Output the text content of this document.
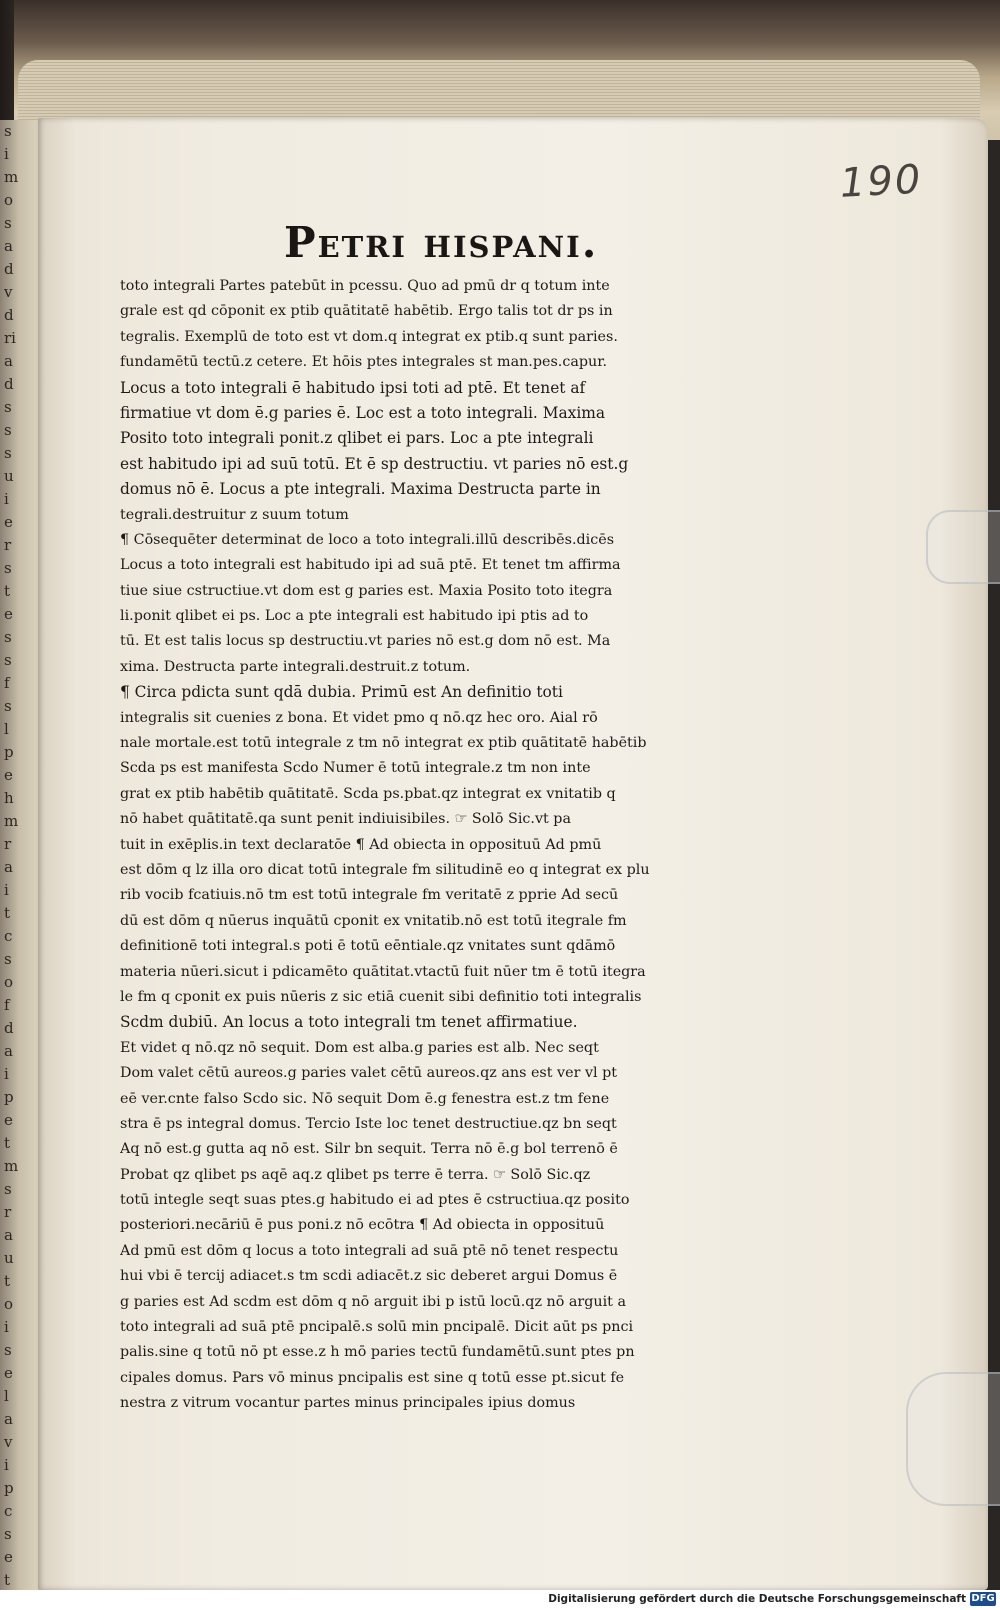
s
i
m
o
s
a
d
v
d
ri
a
d
s
s
s
u
i
e
r
s
t
e
s
s
f
s
l
p
e
h
m
r
a
i
t
c
s
o
f
d
a
i
p
e
t
m
s
r
a
u
t
o
i
s
e
l
a
v
i
p
c
s
e
t
190

Petri hispani.
toto integrali Partes patebūt in pcessu. Quo ad pmū dr q totum inte
grale est qd cōponit ex ptib quātitatē habētib. Ergo talis tot dr ps in
tegralis. Exemplū de toto est vt dom.q integrat ex ptib.q sunt paries.
fundamētū tectū.z cetere. Et hōis ptes integrales st man.pes.capur.
Locus a toto integrali ē habitudo ipsi toti ad ptē. Et tenet af
firmatiue vt dom ē.g paries ē. Loc est a toto integrali. Maxima
Posito toto integrali ponit.z qlibet ei pars. Loc a pte integrali
est habitudo ipi ad suū totū. Et ē sp destructiu. vt paries nō est.g
domus nō ē. Locus a pte integrali. Maxima Destructa parte in
tegrali.destruitur z suum totum
¶ Cōsequēter determinat de loco a toto integrali.illū describēs.dicēs
Locus a toto integrali est habitudo ipi ad suā ptē. Et tenet tm affirma
tiue siue cstructiue.vt dom est g paries est. Maxia Posito toto itegra
li.ponit qlibet ei ps. Loc a pte integrali est habitudo ipi ptis ad to
tū. Et est talis locus sp destructiu.vt paries nō est.g dom nō est. Ma
xima. Destructa parte integrali.destruit.z totum.
¶ Circa pdicta sunt qdā dubia. Primū est An definitio toti
integralis sit cuenies z bona. Et videt pmo q nō.qz hec oro. Aial rō
nale mortale.est totū integrale z tm nō integrat ex ptib quātitatē habētib
Scda ps est manifesta Scdo Numer ē totū integrale.z tm non inte
grat ex ptib habētib quātitatē. Scda ps.pbat.qz integrat ex vnitatib q
nō habet quātitatē.qa sunt penit indiuisibiles. ☞ Solō Sic.vt pa
tuit in exēplis.in text declaratōe ¶ Ad obiecta in opposituū Ad pmū
est dōm q lz illa oro dicat totū integrale fm silitudinē eo q integrat ex plu
rib vocib fcatiuis.nō tm est totū integrale fm veritatē z pprie Ad secū
dū est dōm q nūerus inquātū cponit ex vnitatib.nō est totū itegrale fm
definitionē toti integral.s poti ē totū eēntiale.qz vnitates sunt qdāmō
materia nūeri.sicut i pdicamēto quātitat.vtactū fuit nūer tm ē totū itegra
le fm q cponit ex puis nūeris z sic etiā cuenit sibi definitio toti integralis
Scdm dubiū. An locus a toto integrali tm tenet affirmatiue.
Et videt q nō.qz nō sequit. Dom est alba.g paries est alb. Nec seqt
Dom valet cētū aureos.g paries valet cētū aureos.qz ans est ver vl pt
eē ver.cnte falso Scdo sic. Nō sequit Dom ē.g fenestra est.z tm fene
stra ē ps integral domus. Tercio Iste loc tenet destructiue.qz bn seqt
Aq nō est.g gutta aq nō est. Silr bn sequit. Terra nō ē.g bol terrenō ē
Probat qz qlibet ps aqē aq.z qlibet ps terre ē terra. ☞ Solō Sic.qz
totū integle seqt suas ptes.g habitudo ei ad ptes ē cstructiua.qz posito
posteriori.necāriū ē pus poni.z nō ecōtra ¶ Ad obiecta in opposituū
Ad pmū est dōm q locus a toto integrali ad suā ptē nō tenet respectu
hui vbi ē tercij adiacet.s tm scdi adiacēt.z sic deberet argui Domus ē
g paries est Ad scdm est dōm q nō arguit ibi p istū locū.qz nō arguit a
toto integrali ad suā ptē pncipalē.s solū min pncipalē. Dicit aūt ps pnci
palis.sine q totū nō pt esse.z h mō paries tectū fundamētū.sunt ptes pn
cipales domus. Pars vō minus pncipalis est sine q totū esse pt.sicut fe
nestra z vitrum vocantur partes minus principales ipius domus
Digitalisierung gefördert durch die Deutsche Forschungsgemeinschaft DFG
